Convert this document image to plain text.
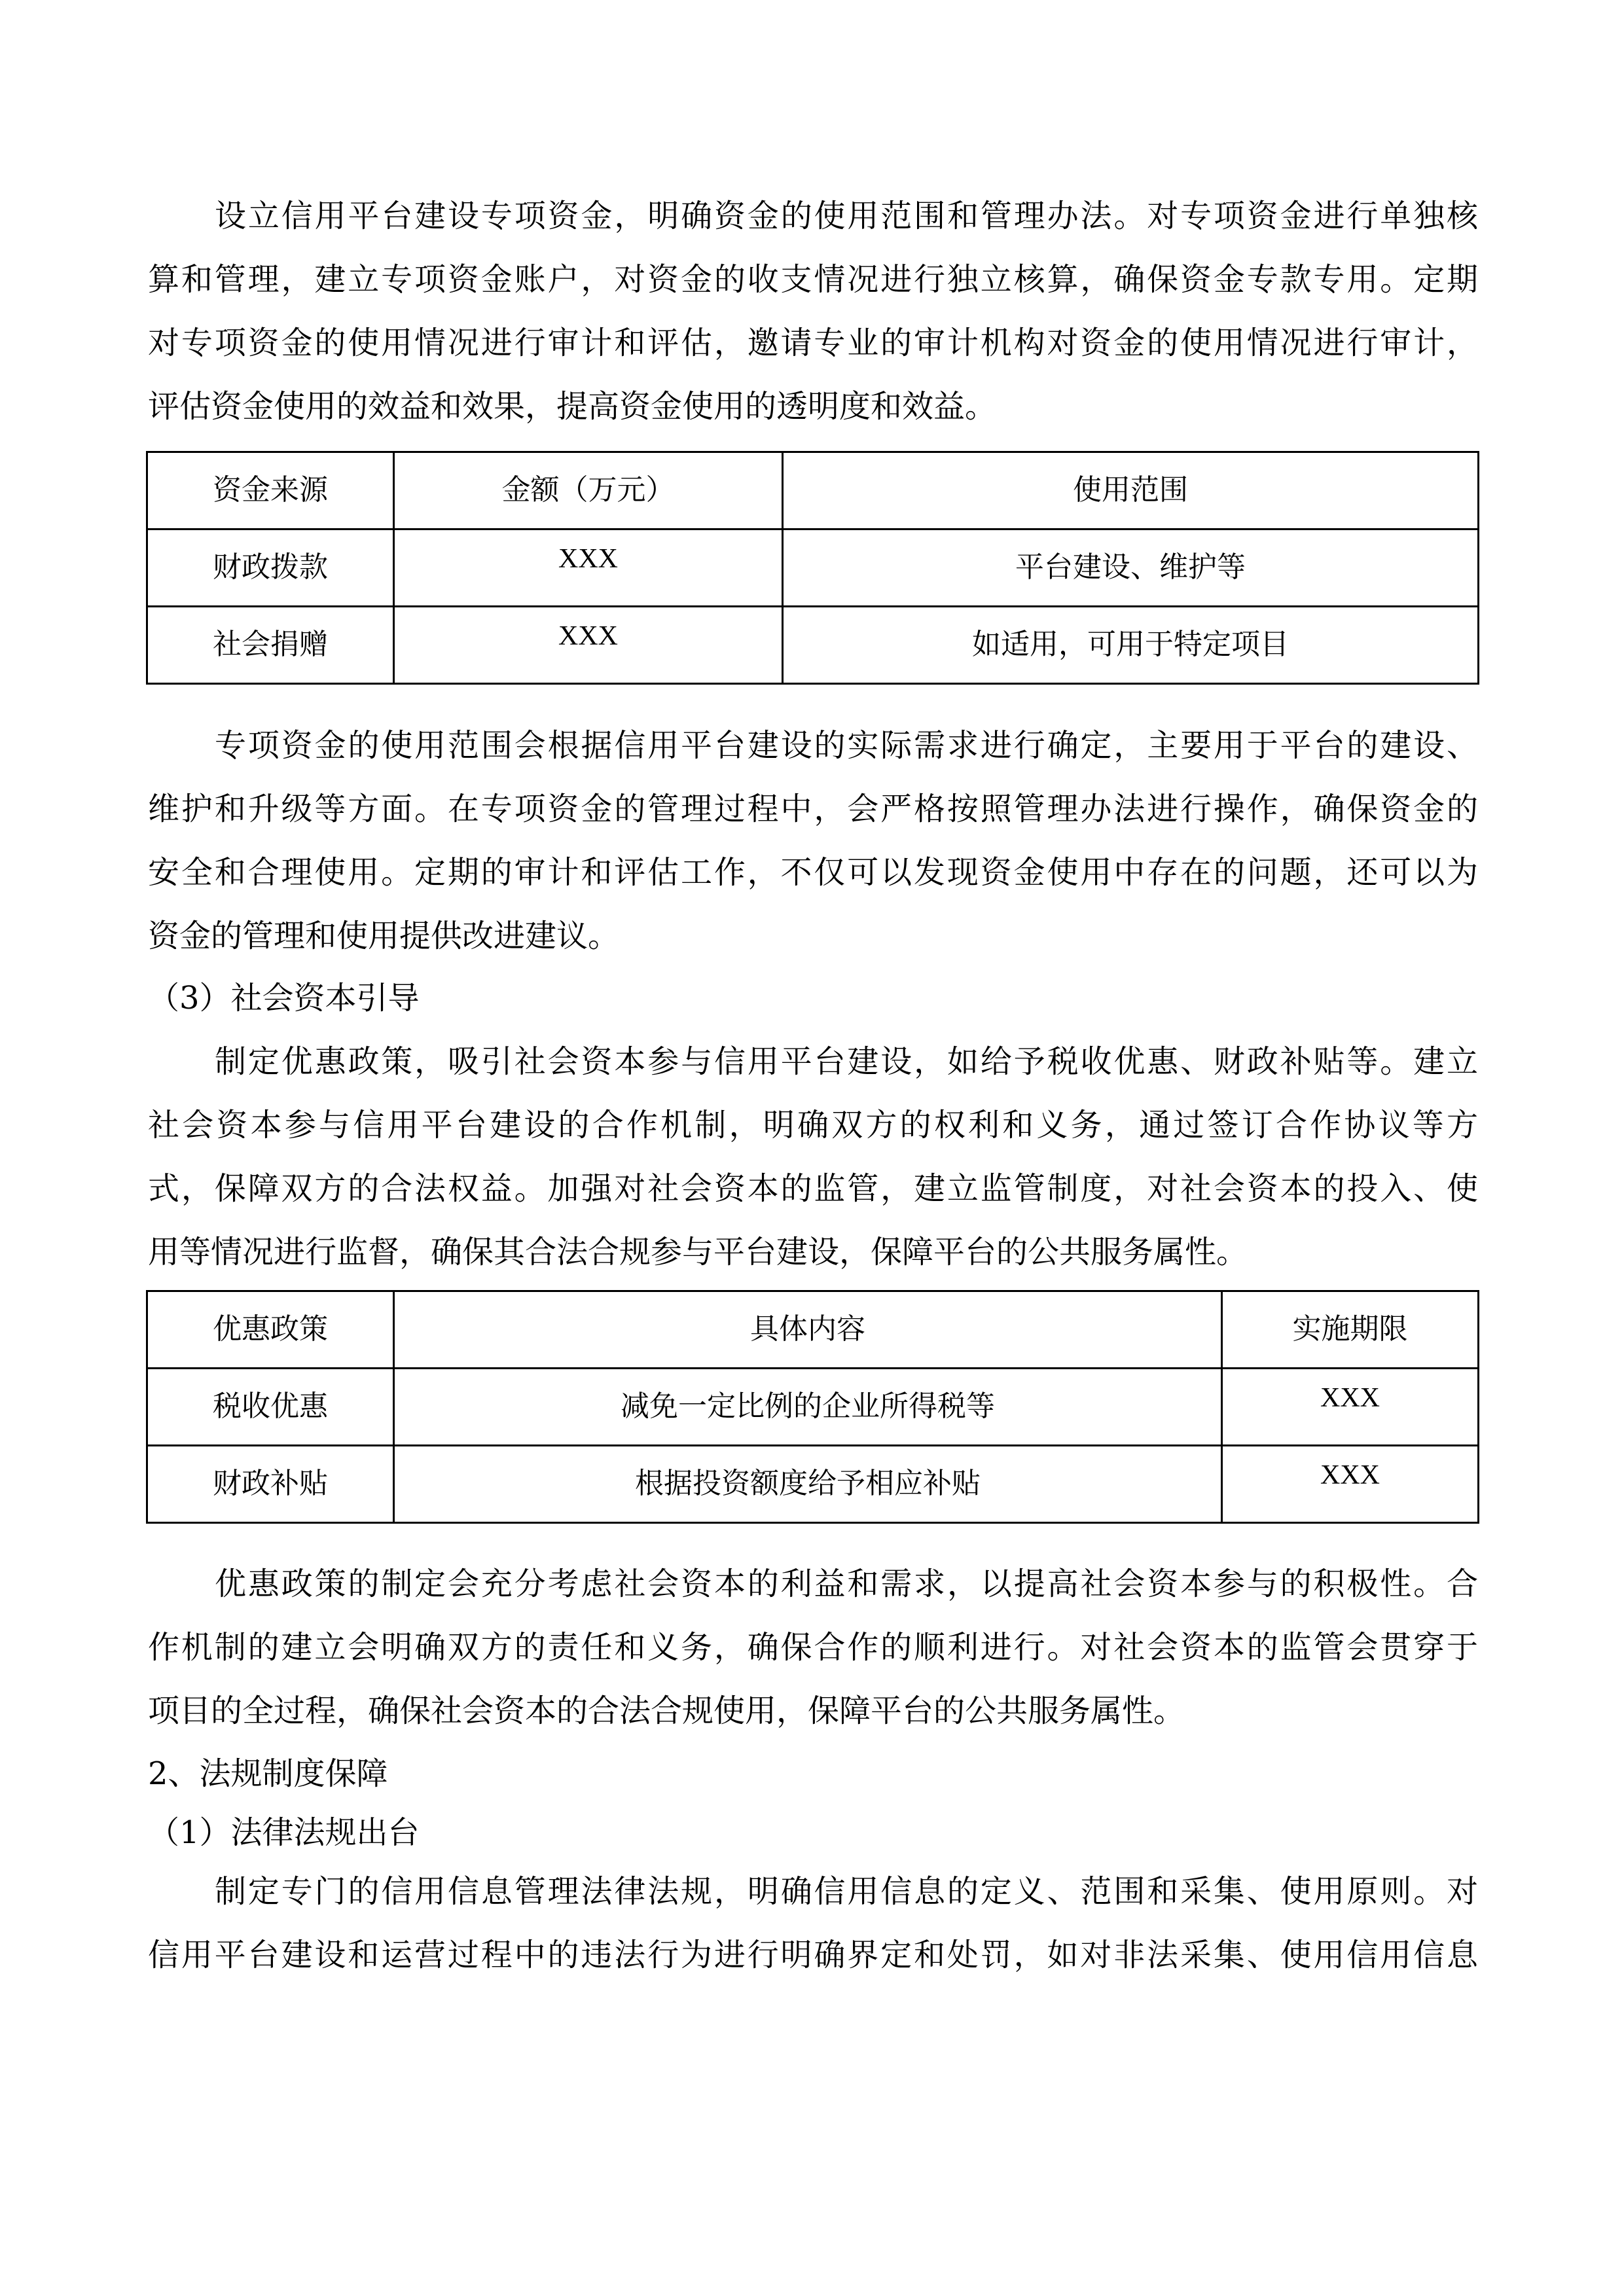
设立信用平台建设专项资金，明确资金的使用范围和管理办法。对专项资金进行单独核
算和管理，建立专项资金账户，对资金的收支情况进行独立核算，确保资金专款专用。定期
对专项资金的使用情况进行审计和评估，邀请专业的审计机构对资金的使用情况进行审计，
评估资金使用的效益和效果，提高资金使用的透明度和效益。
资金来源	金额（万元）	使用范围
财政拨款	XXX	平台建设、维护等
社会捐赠	XXX	如适用，可用于特定项目
专项资金的使用范围会根据信用平台建设的实际需求进行确定，主要用于平台的建设、
维护和升级等方面。在专项资金的管理过程中，会严格按照管理办法进行操作，确保资金的
安全和合理使用。定期的审计和评估工作，不仅可以发现资金使用中存在的问题，还可以为
资金的管理和使用提供改进建议。
（3）社会资本引导
制定优惠政策，吸引社会资本参与信用平台建设，如给予税收优惠、财政补贴等。建立
社会资本参与信用平台建设的合作机制，明确双方的权利和义务，通过签订合作协议等方
式，保障双方的合法权益。加强对社会资本的监管，建立监管制度，对社会资本的投入、使
用等情况进行监督，确保其合法合规参与平台建设，保障平台的公共服务属性。
优惠政策	具体内容	实施期限
税收优惠	减免一定比例的企业所得税等	XXX
财政补贴	根据投资额度给予相应补贴	XXX
优惠政策的制定会充分考虑社会资本的利益和需求，以提高社会资本参与的积极性。合
作机制的建立会明确双方的责任和义务，确保合作的顺利进行。对社会资本的监管会贯穿于
项目的全过程，确保社会资本的合法合规使用，保障平台的公共服务属性。
2、法规制度保障
（1）法律法规出台
制定专门的信用信息管理法律法规，明确信用信息的定义、范围和采集、使用原则。对
信用平台建设和运营过程中的违法行为进行明确界定和处罚，如对非法采集、使用信用信息
